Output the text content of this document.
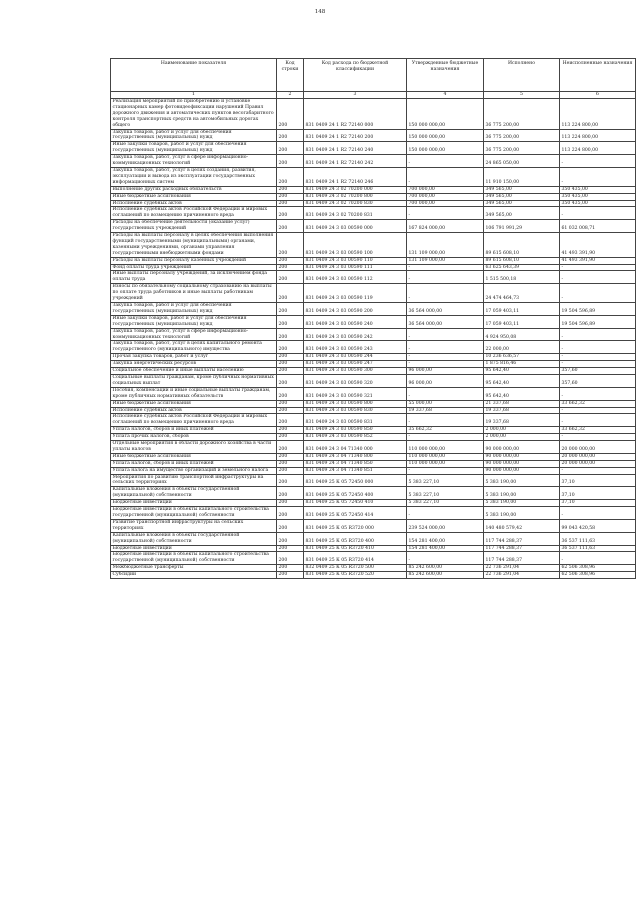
148
Наименование показателя	Код строки	Код расхода по бюджетной классификации	Утвержденные бюджетные назначения	Исполнено	Неисполненные назначения
1	2	3	4	5	6
Реализация мероприятий по приобретению и установке стационарных камер фотовидеофиксации нарушений Правил дорожного движения и автоматических пунктов весогабаритного контроля транспортных средств на автомобильных дорогах общего	200	831 0409 24 1 R2 72140 000	150 000 000,00	36 775 200,00	113 224 800,00
Закупка товаров, работ и услуг для обеспечения государственных (муниципальных) нужд	200	831 0409 24 1 R2 72140 200	150 000 000,00	36 775 200,00	113 224 800,00
Иные закупки товаров, работ и услуг для обеспечения государственных (муниципальных) нужд	200	831 0409 24 1 R2 72140 240	150 000 000,00	36 775 200,00	113 224 800,00
Закупка товаров, работ, услуг в сфере информационно-коммуникационных технологий	200	831 0409 24 1 R2 72140 242	-	24 865 050,00	-
Закупка товаров, работ, услуг в целях создания, развития, эксплуатации и вывода из эксплуатации государственных информационных систем	200	831 0409 24 1 R2 72140 246	-	11 910 150,00	-
Выполнение других расходных обязательств	200	831 0409 24 3 02 70200 000	700 000,00	349 565,00	350 435,00
Иные бюджетные ассигнования	200	831 0409 24 3 02 70200 800	700 000,00	349 565,00	350 435,00
Исполнение судебных актов	200	831 0409 24 3 02 70200 830	700 000,00	349 565,00	350 435,00
Исполнение судебных актов Российской Федерации и мировых соглашений по возмещению причиненного вреда	200	831 0409 24 3 02 70200 831	-	349 565,00	-
Расходы на обеспечение деятельности (оказание услуг) государственных учреждений	200	831 0409 24 3 03 00590 000	167 824 000,00	106 791 991,29	61 032 008,71
Расходы на выплаты персоналу в целях обеспечения выполнения функций государственными (муниципальными) органами, казенными учреждениями, органами управления государственными внебюджетными фондами	200	831 0409 24 3 03 00590 100	131 109 000,00	89 615 608,10	41 493 391,90
Расходы на выплаты персоналу казенных учреждений	200	831 0409 24 3 03 00590 110	131 109 000,00	89 615 608,10	41 493 391,90
Фонд оплаты труда учреждений	200	831 0409 24 3 03 00590 111	-	63 625 643,39	-
Иные выплаты персоналу учреждений, за исключением фонда оплаты труда	200	831 0409 24 3 03 00590 112	-	1 515 500,18	-
Взносы по обязательному социальному страхованию на выплаты по оплате труда работников и иные выплаты работникам учреждений	200	831 0409 24 3 03 00590 119	-	24 474 464,73	-
Закупка товаров, работ и услуг для обеспечения государственных (муниципальных) нужд	200	831 0409 24 3 03 00590 200	36 564 000,00	17 059 403,11	19 504 596,89
Иные закупки товаров, работ и услуг для обеспечения государственных (муниципальных) нужд	200	831 0409 24 3 03 00590 240	36 564 000,00	17 059 403,11	19 504 596,89
Закупка товаров, работ, услуг в сфере информационно-коммуникационных технологий	200	831 0409 24 3 03 00590 242	-	4 924 950,08	-
Закупка товаров, работ, услуг в целях капитального ремонта государственного (муниципального) имущества	200	831 0409 24 3 03 00590 243	-	22 000,00	-
Прочая закупка товаров, работ и услуг	200	831 0409 24 3 03 00590 244	-	10 236 636,57	-
Закупка энергетических ресурсов	200	831 0409 24 3 03 00590 247	-	1 875 816,46	-
Социальное обеспечение и иные выплаты населению	200	831 0409 24 3 03 00590 300	96 000,00	95 642,40	357,60
Социальные выплаты гражданам, кроме публичных нормативных социальных выплат	200	831 0409 24 3 03 00590 320	96 000,00	95 642,40	357,60
Пособия, компенсации и иные социальные выплаты гражданам, кроме публичных нормативных обязательств	200	831 0409 24 3 03 00590 321	-	95 642,40	-
Иные бюджетные ассигнования	200	831 0409 24 3 03 00590 800	55 000,00	21 337,68	33 662,32
Исполнение судебных актов	200	831 0409 24 3 03 00590 830	19 337,68	19 337,68	-
Исполнение судебных актов Российской Федерации и мировых соглашений по возмещению причиненного вреда	200	831 0409 24 3 03 00590 831	-	19 337,68	-
Уплата налогов, сборов и иных платежей	200	831 0409 24 3 03 00590 850	35 662,32	2 000,00	33 662,32
Уплата прочих налогов, сборов	200	831 0409 24 3 03 00590 852	-	2 000,00	-
Отдельные мероприятия в области дорожного хозяйства в части уплаты налогов	200	831 0409 24 3 04 71340 000	110 000 000,00	90 000 000,00	20 000 000,00
Иные бюджетные ассигнования	200	831 0409 24 3 04 71340 800	110 000 000,00	90 000 000,00	20 000 000,00
Уплата налогов, сборов и иных платежей	200	831 0409 24 3 04 71340 850	110 000 000,00	90 000 000,00	20 000 000,00
Уплата налога на имущество организаций и земельного налога	200	831 0409 24 3 04 71340 851	-	90 000 000,00	-
Мероприятия по развитию транспортной инфраструктуры на сельских территориях	200	831 0409 25 К 05 72450 000	5 383 227,10	5 383 190,00	37,10
Капитальные вложения в объекты государственной (муниципальной) собственности	200	831 0409 25 К 05 72450 400	5 383 227,10	5 383 190,00	37,10
Бюджетные инвестиции	200	831 0409 25 К 05 72450 410	5 383 227,10	5 383 190,00	37,10
Бюджетные инвестиции в объекты капитального строительства государственной (муниципальной) собственности	200	831 0409 25 К 05 72450 414	-	5 383 190,00	-
Развитие транспортной инфраструктуры на сельских территориях	200	831 0409 25 К 05 R3720 000	239 524 000,00	140 480 579,42	99 043 420,58
Капитальные вложения в объекты государственной (муниципальной) собственности	200	831 0409 25 К 05 R3720 400	154 281 400,00	117 744 288,37	36 537 111,63
Бюджетные инвестиции	200	831 0409 25 К 05 R3720 410	154 281 400,00	117 744 288,37	36 537 111,63
Бюджетные инвестиции в объекты капитального строительства государственной (муниципальной) собственности	200	831 0409 25 К 05 R3720 414	-	117 744 288,37	-
Межбюджетные трансферты	200	832 0409 25 К 05 R3720 500	85 242 600,00	22 736 291,04	62 506 308,96
Субсидии	200	831 0409 25 К 05 R3720 520	85 242 600,00	22 736 291,04	62 506 308,96
